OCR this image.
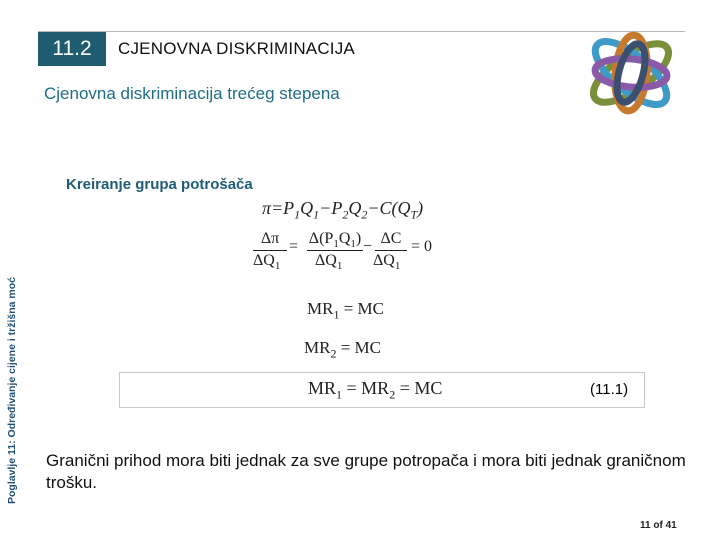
11.2	CJENOVNA DISKRIMINACIJA
Cjenovna diskriminacija trećeg stepena
Poglavlje 11: Određivanje cijene i tržišna moć
Kreiranje grupa potrošača
$\pi=P_1Q_1-P_2Q_2-C(Q_T)$
Δπ
$\Delta Q_1$
= $\Delta(P_1Q_1)$
$\Delta Q_1$
− ΔC
$\Delta Q_1$
= 0
$MR_1$ = MC
$MR_2$ = MC
$MR_1 = MR_2$ = MC	(11.1)
Granični prihod mora biti jednak za sve grupe potropača i mora biti jednak graničnom trošku.
11 of 41
